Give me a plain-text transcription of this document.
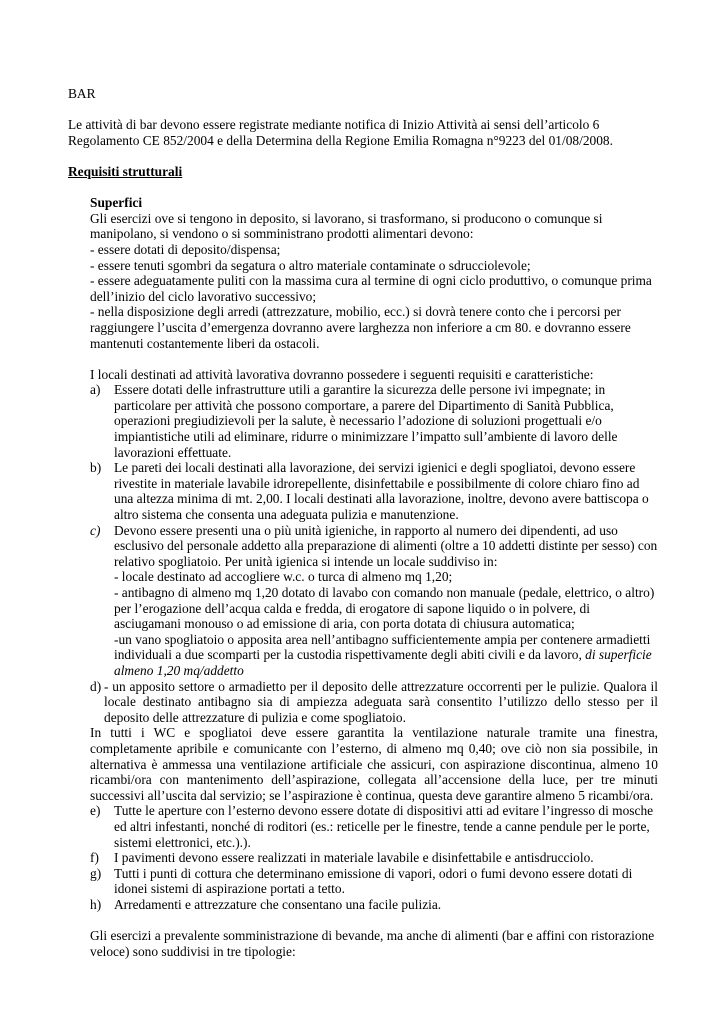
BAR

Le attività di bar devono essere registrate mediante notifica di Inizio Attività ai sensi dell’articolo 6 Regolamento CE 852/2004 e della Determina della Regione Emilia Romagna n°9223 del 01/08/2008.

Requisiti strutturali

Superfici

Gli esercizi ove si tengono in deposito, si lavorano, si trasformano, si producono o comunque si manipolano, si vendono o si somministrano prodotti alimentari devono:

- essere dotati di deposito/dispensa;

- essere tenuti sgombri da segatura o altro materiale contaminate o sdrucciolevole;

- essere adeguatamente puliti con la massima cura al termine di ogni ciclo produttivo, o comunque prima dell’inizio del ciclo lavorativo successivo;

- nella disposizione degli arredi (attrezzature, mobilio, ecc.) si dovrà tenere conto che i percorsi per raggiungere l’uscita d’emergenza dovranno avere larghezza non inferiore a cm 80. e dovranno essere mantenuti costantemente liberi da ostacoli.

I locali destinati ad attività lavorativa dovranno possedere i seguenti requisiti e caratteristiche:

a) Essere dotati delle infrastrutture utili a garantire la sicurezza delle persone ivi impegnate; in particolare per attività che possono comportare, a parere del Dipartimento di Sanità Pubblica, operazioni pregiudizievoli per la salute, è necessario l’adozione di soluzioni progettuali e/o impiantistiche utili ad eliminare, ridurre o minimizzare l’impatto sull’ambiente di lavoro delle lavorazioni effettuate.
b) Le pareti dei locali destinati alla lavorazione, dei servizi igienici e degli spogliatoi, devono essere rivestite in materiale lavabile idrorepellente, disinfettabile e possibilmente di colore chiaro fino ad una altezza minima di mt. 2,00. I locali destinati alla lavorazione, inoltre, devono avere battiscopa o altro sistema che consenta una adeguata pulizia e manutenzione.
c) Devono essere presenti una o più unità igieniche, in rapporto al numero dei dipendenti, ad uso esclusivo del personale addetto alla preparazione di alimenti (oltre a 10 addetti distinte per sesso) con relativo spogliatoio. Per unità igienica si intende un locale suddiviso in:

- locale destinato ad accogliere w.c. o turca di almeno mq 1,20;

- antibagno di almeno mq 1,20 dotato di lavabo con comando non manuale (pedale, elettrico, o altro) per l’erogazione dell’acqua calda e fredda, di erogatore di sapone liquido o in polvere, di asciugamani monouso o ad emissione di aria, con porta dotata di chiusura automatica;

-un vano spogliatoio o apposita area nell’antibagno sufficientemente ampia per contenere armadietti individuali a due scomparti per la custodia rispettivamente degli abiti civili e da lavoro, di superficie almeno 1,20 mq/addetto

d) - un apposito settore o armadietto per il deposito delle attrezzature occorrenti per le pulizie. Qualora il locale destinato antibagno sia di ampiezza adeguata sarà consentito l’utilizzo dello stesso per il deposito delle attrezzature di pulizia e come spogliatoio.

In tutti i WC e spogliatoi deve essere garantita la ventilazione naturale tramite una finestra, completamente apribile e comunicante con l’esterno, di almeno mq 0,40; ove ciò non sia possibile, in alternativa è ammessa una ventilazione artificiale che assicuri, con aspirazione discontinua, almeno 10 ricambi/ora con mantenimento dell’aspirazione, collegata all’accensione della luce, per tre minuti successivi all’uscita dal servizio; se l’aspirazione è continua, questa deve garantire almeno 5 ricambi/ora.

e) Tutte le aperture con l’esterno devono essere dotate di dispositivi atti ad evitare l’ingresso di mosche ed altri infestanti, nonché di roditori (es.: reticelle per le finestre, tende a canne pendule per le porte, sistemi elettronici, etc.).).
f) I pavimenti devono essere realizzati in materiale lavabile e disinfettabile e antisdrucciolo.
g) Tutti i punti di cottura che determinano emissione di vapori, odori o fumi devono essere dotati di idonei sistemi di aspirazione portati a tetto.
h) Arredamenti e attrezzature che consentano una facile pulizia.

Gli esercizi a prevalente somministrazione di bevande, ma anche di alimenti (bar e affini con ristorazione veloce) sono suddivisi in tre tipologie:
